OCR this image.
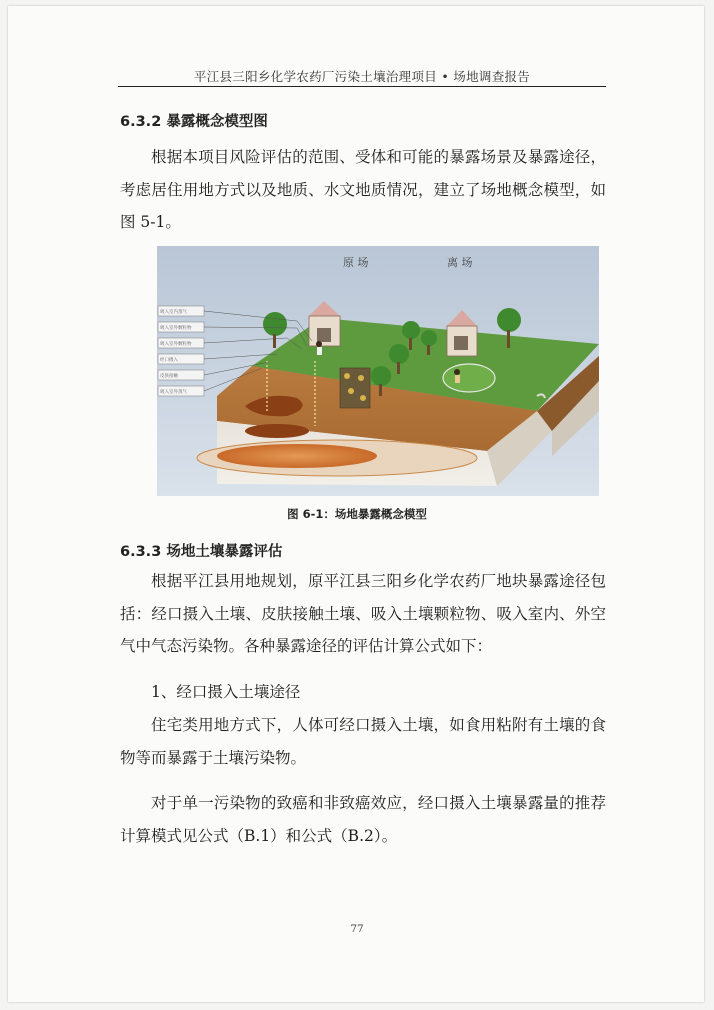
平江县三阳乡化学农药厂污染土壤治理项目 • 场地调查报告
6.3.2 暴露概念模型图
根据本项目风险评估的范围、受体和可能的暴露场景及暴露途径，考虑居住用地方式以及地质、水文地质情况，建立了场地概念模型，如图 5-1。
原 场	离 场
吸入室内蒸气
吸入室外颗粒物
吸入室外颗粒物
经口摄入
皮肤接触
吸入室外蒸气
图 6-1：场地暴露概念模型
6.3.3 场地土壤暴露评估
根据平江县用地规划，原平江县三阳乡化学农药厂地块暴露途径包括：经口摄入土壤、皮肤接触土壤、吸入土壤颗粒物、吸入室内、外空气中气态污染物。各种暴露途径的评估计算公式如下：
1、经口摄入土壤途径
住宅类用地方式下，人体可经口摄入土壤，如食用粘附有土壤的食物等而暴露于土壤污染物。
对于单一污染物的致癌和非致癌效应，经口摄入土壤暴露量的推荐计算模式见公式（B.1）和公式（B.2）。
77
